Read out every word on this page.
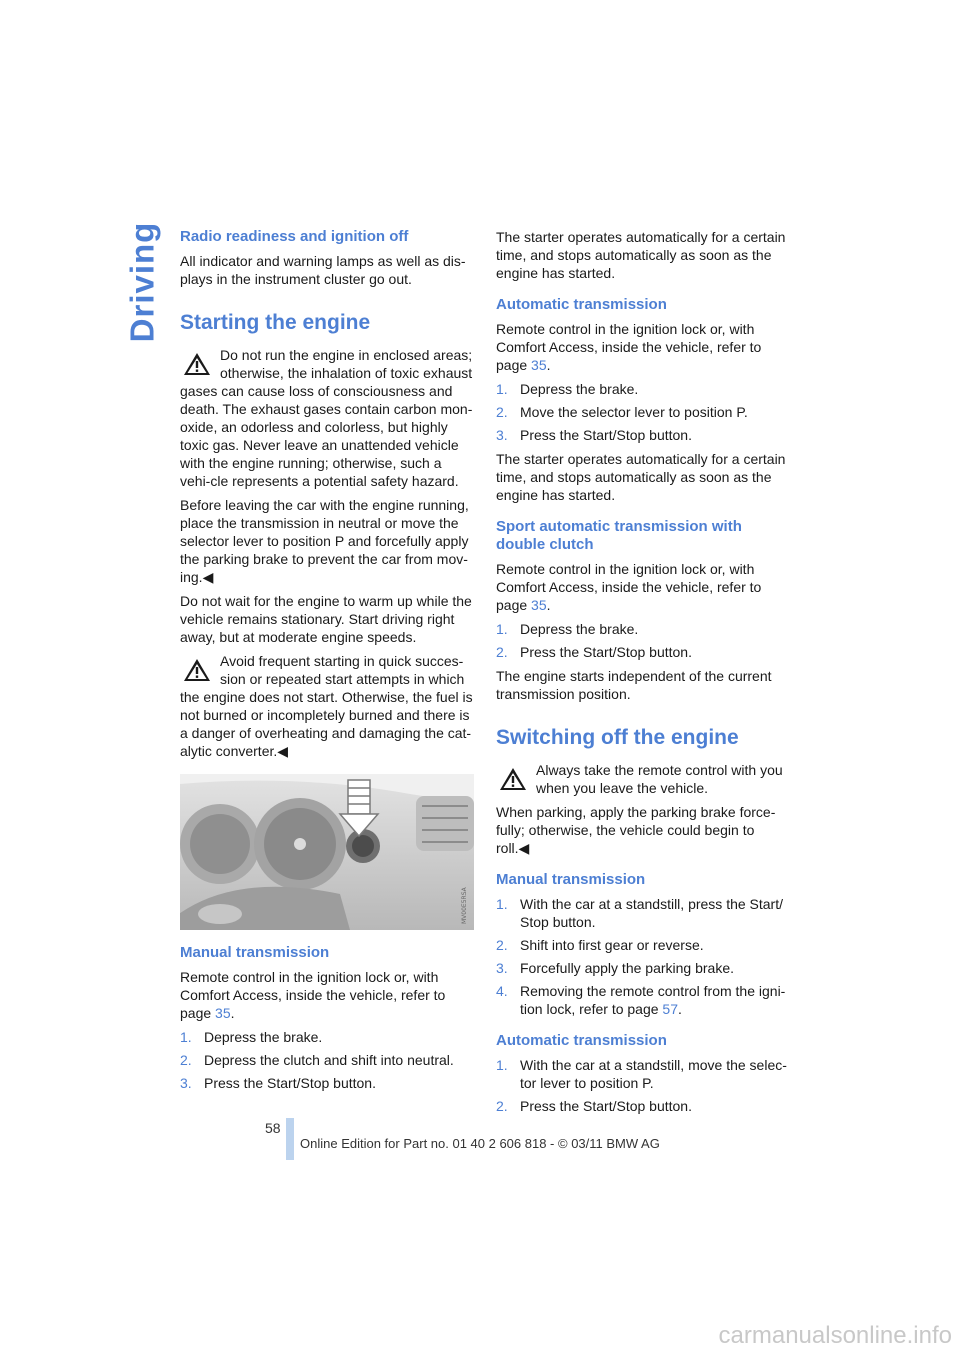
Driving Radio readiness and ignition off

All indicator and warning lamps as well as dis-plays in the instrument cluster go out.

Starting the engine
Do not run the engine in enclosed areas; otherwise, the inhalation of toxic exhaust gases can cause loss of consciousness and death. The exhaust gases contain carbon mon-oxide, an odorless and colorless, but highly toxic gas. Never leave an unattended vehicle with the engine running; otherwise, such a vehi-cle represents a potential safety hazard.

Before leaving the car with the engine running, place the transmission in neutral or move the selector lever to position P and forcefully apply the parking brake to prevent the car from mov-ing.◀

Do not wait for the engine to warm up while the vehicle remains stationary. Start driving right away, but at moderate engine speeds.

Avoid frequent starting in quick succes-sion or repeated start attempts in which the engine does not start. Otherwise, the fuel is not burned or incompletely burned and there is a danger of overheating and damaging the cat-alytic converter.◀
MV00E5RSA
Manual transmission

Remote control in the ignition lock or, with Comfort Access, inside the vehicle, refer to page 35.

1. Depress the brake.
2. Depress the clutch and shift into neutral.
3. Press the Start/Stop button.

The starter operates automatically for a certain time, and stops automatically as soon as the engine has started.

Automatic transmission

Remote control in the ignition lock or, with Comfort Access, inside the vehicle, refer to page 35.

1. Depress the brake.
2. Move the selector lever to position P.
3. Press the Start/Stop button.

The starter operates automatically for a certain time, and stops automatically as soon as the engine has started.

Sport automatic transmission with double clutch

Remote control in the ignition lock or, with Comfort Access, inside the vehicle, refer to page 35.

1. Depress the brake.
2. Press the Start/Stop button.

The engine starts independent of the current transmission position.

Switching off the engine
Always take the remote control with you when you leave the vehicle.

When parking, apply the parking brake force-fully; otherwise, the vehicle could begin to roll.◀

Manual transmission
1. With the car at a standstill, press the Start/ Stop button.
2. Shift into first gear or reverse.
3. Forcefully apply the parking brake.
4. Removing the remote control from the igni-tion lock, refer to page 57.
Automatic transmission
1. With the car at a standstill, move the selec-tor lever to position P.
2. Press the Start/Stop button.
58
Online Edition for Part no. 01 40 2 606 818 - © 03/11 BMW AG
carmanualsonline.info
